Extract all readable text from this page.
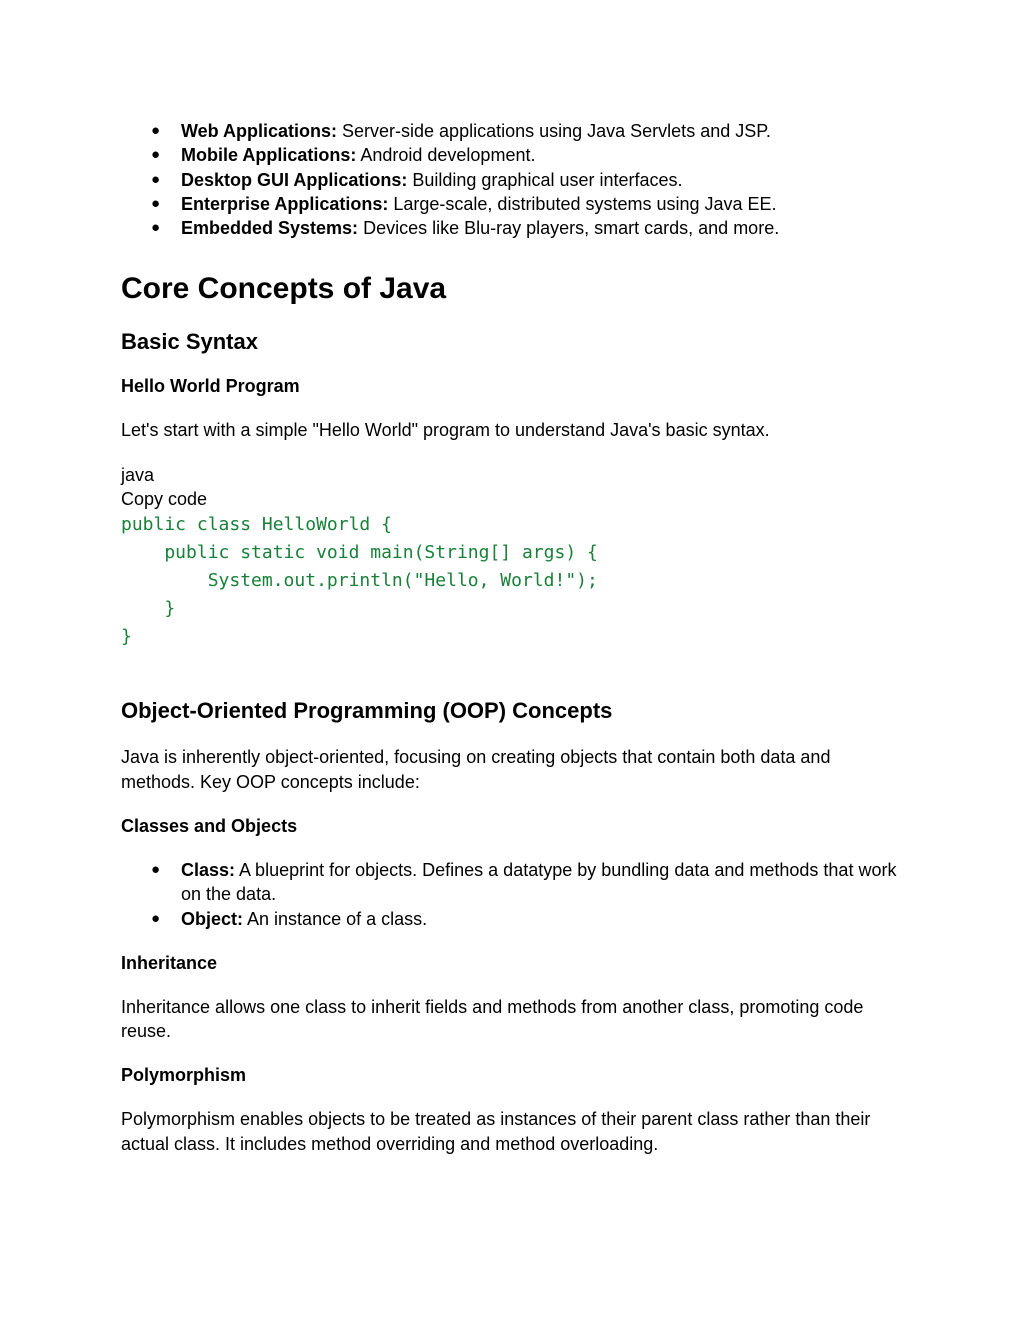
● Web Applications: Server-side applications using Java Servlets and JSP.
● Mobile Applications: Android development.
● Desktop GUI Applications: Building graphical user interfaces.
● Enterprise Applications: Large-scale, distributed systems using Java EE.
● Embedded Systems: Devices like Blu-ray players, smart cards, and more.
Core Concepts of Java
Basic Syntax
Hello World Program

Let's start with a simple "Hello World" program to understand Java's basic syntax.

java
Copy code
public class HelloWorld {
public static void main(String[] args) {
System.out.println("Hello, World!");
}
}
Object-Oriented Programming (OOP) Concepts

Java is inherently object-oriented, focusing on creating objects that contain both data and methods. Key OOP concepts include:

Classes and Objects
● Class: A blueprint for objects. Defines a datatype by bundling data and methods that work on the data.
● Object: An instance of a class.
Inheritance

Inheritance allows one class to inherit fields and methods from another class, promoting code reuse.

Polymorphism

Polymorphism enables objects to be treated as instances of their parent class rather than their actual class. It includes method overriding and method overloading.
